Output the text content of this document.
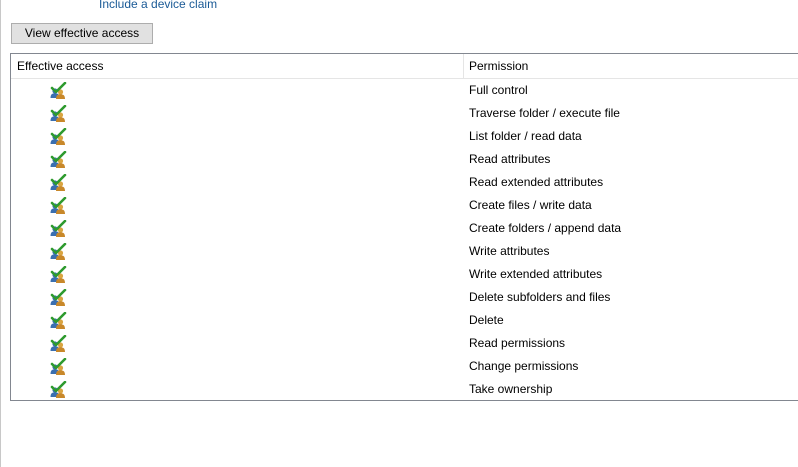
Include a device claim
View effective access
Effective access	Permission
Full control
Traverse folder / execute file
List folder / read data
Read attributes
Read extended attributes
Create files / write data
Create folders / append data
Write attributes
Write extended attributes
Delete subfolders and files
Delete
Read permissions
Change permissions
Take ownership
